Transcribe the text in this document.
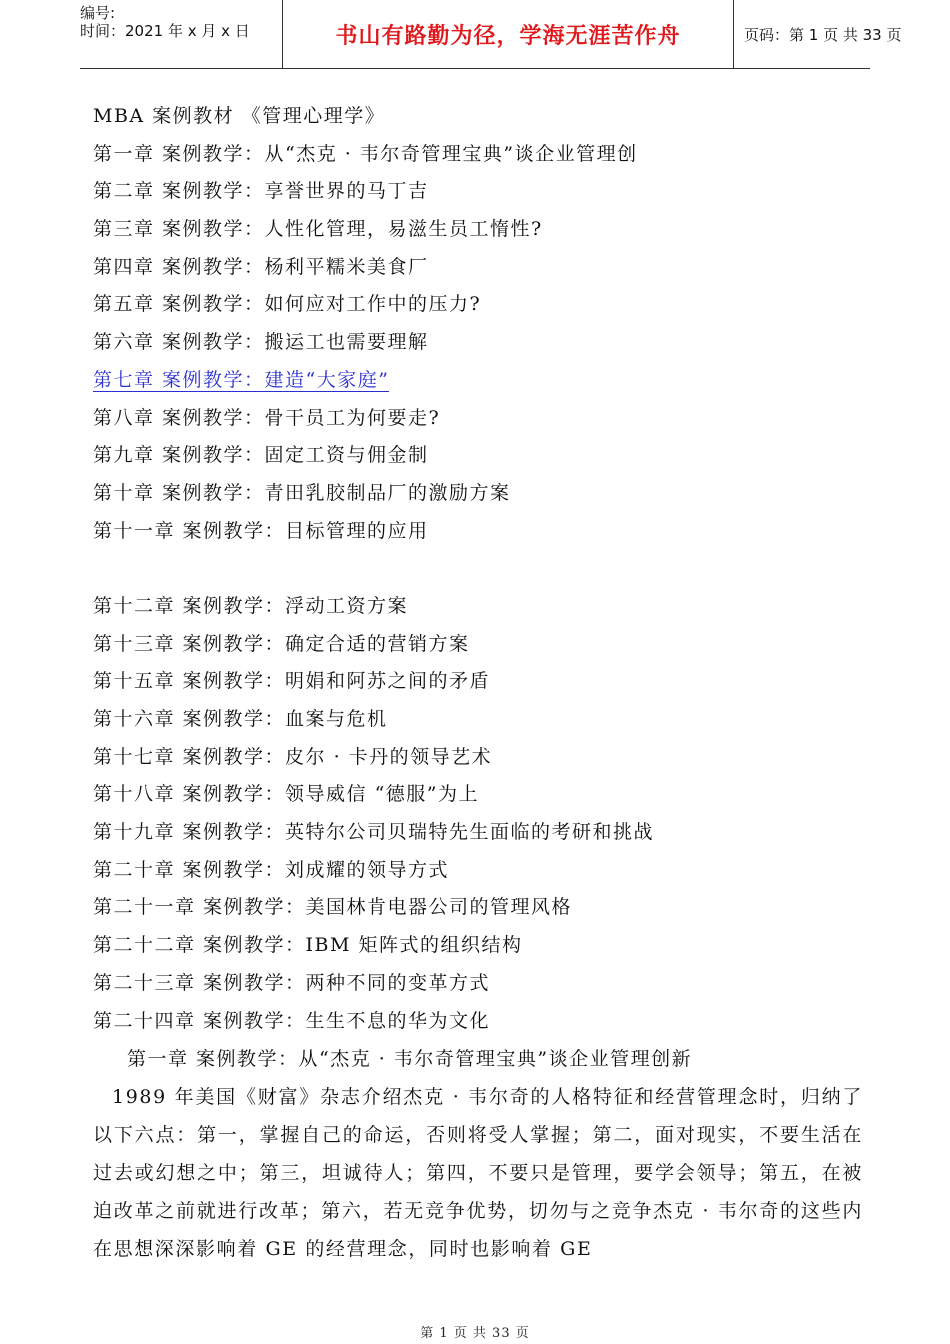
编号:
时间：2021 年 x 月 x 日	书山有路勤为径，学海无涯苦作舟	页码：第 1 页 共 33 页
MBA 案例教材 《管理心理学》
第一章 案例教学：从“杰克 · 韦尔奇管理宝典”谈企业管理创
第二章 案例教学：享誉世界的马丁吉
第三章 案例教学：人性化管理，易滋生员工惰性?
第四章 案例教学：杨利平糯米美食厂
第五章 案例教学：如何应对工作中的压力?
第六章 案例教学：搬运工也需要理解
第七章 案例教学：建造“大家庭”
第八章 案例教学：骨干员工为何要走?
第九章 案例教学：固定工资与佣金制
第十章 案例教学：青田乳胶制品厂的激励方案
第十一章 案例教学：目标管理的应用
第十二章 案例教学：浮动工资方案
第十三章 案例教学：确定合适的营销方案
第十五章 案例教学：明娟和阿苏之间的矛盾
第十六章 案例教学：血案与危机
第十七章 案例教学：皮尔 · 卡丹的领导艺术
第十八章 案例教学：领导威信 “德服”为上
第十九章 案例教学：英特尔公司贝瑞特先生面临的考研和挑战
第二十章 案例教学：刘成耀的领导方式
第二十一章 案例教学：美国林肯电器公司的管理风格
第二十二章 案例教学：IBM 矩阵式的组织结构
第二十三章 案例教学：两种不同的变革方式
第二十四章 案例教学：生生不息的华为文化
第一章 案例教学：从“杰克 · 韦尔奇管理宝典”谈企业管理创新
1989 年美国《财富》杂志介绍杰克 · 韦尔奇的人格特征和经营管理念时，归纳了以下六点：第一，掌握自己的命运，否则将受人掌握；第二，面对现实，不要生活在过去或幻想之中；第三，坦诚待人；第四，不要只是管理，要学会领导；第五，在被迫改革之前就进行改革；第六，若无竞争优势，切勿与之竞争杰克 · 韦尔奇的这些内在思想深深影响着 GE 的经营理念，同时也影响着 GE
第 1 页 共 33 页
